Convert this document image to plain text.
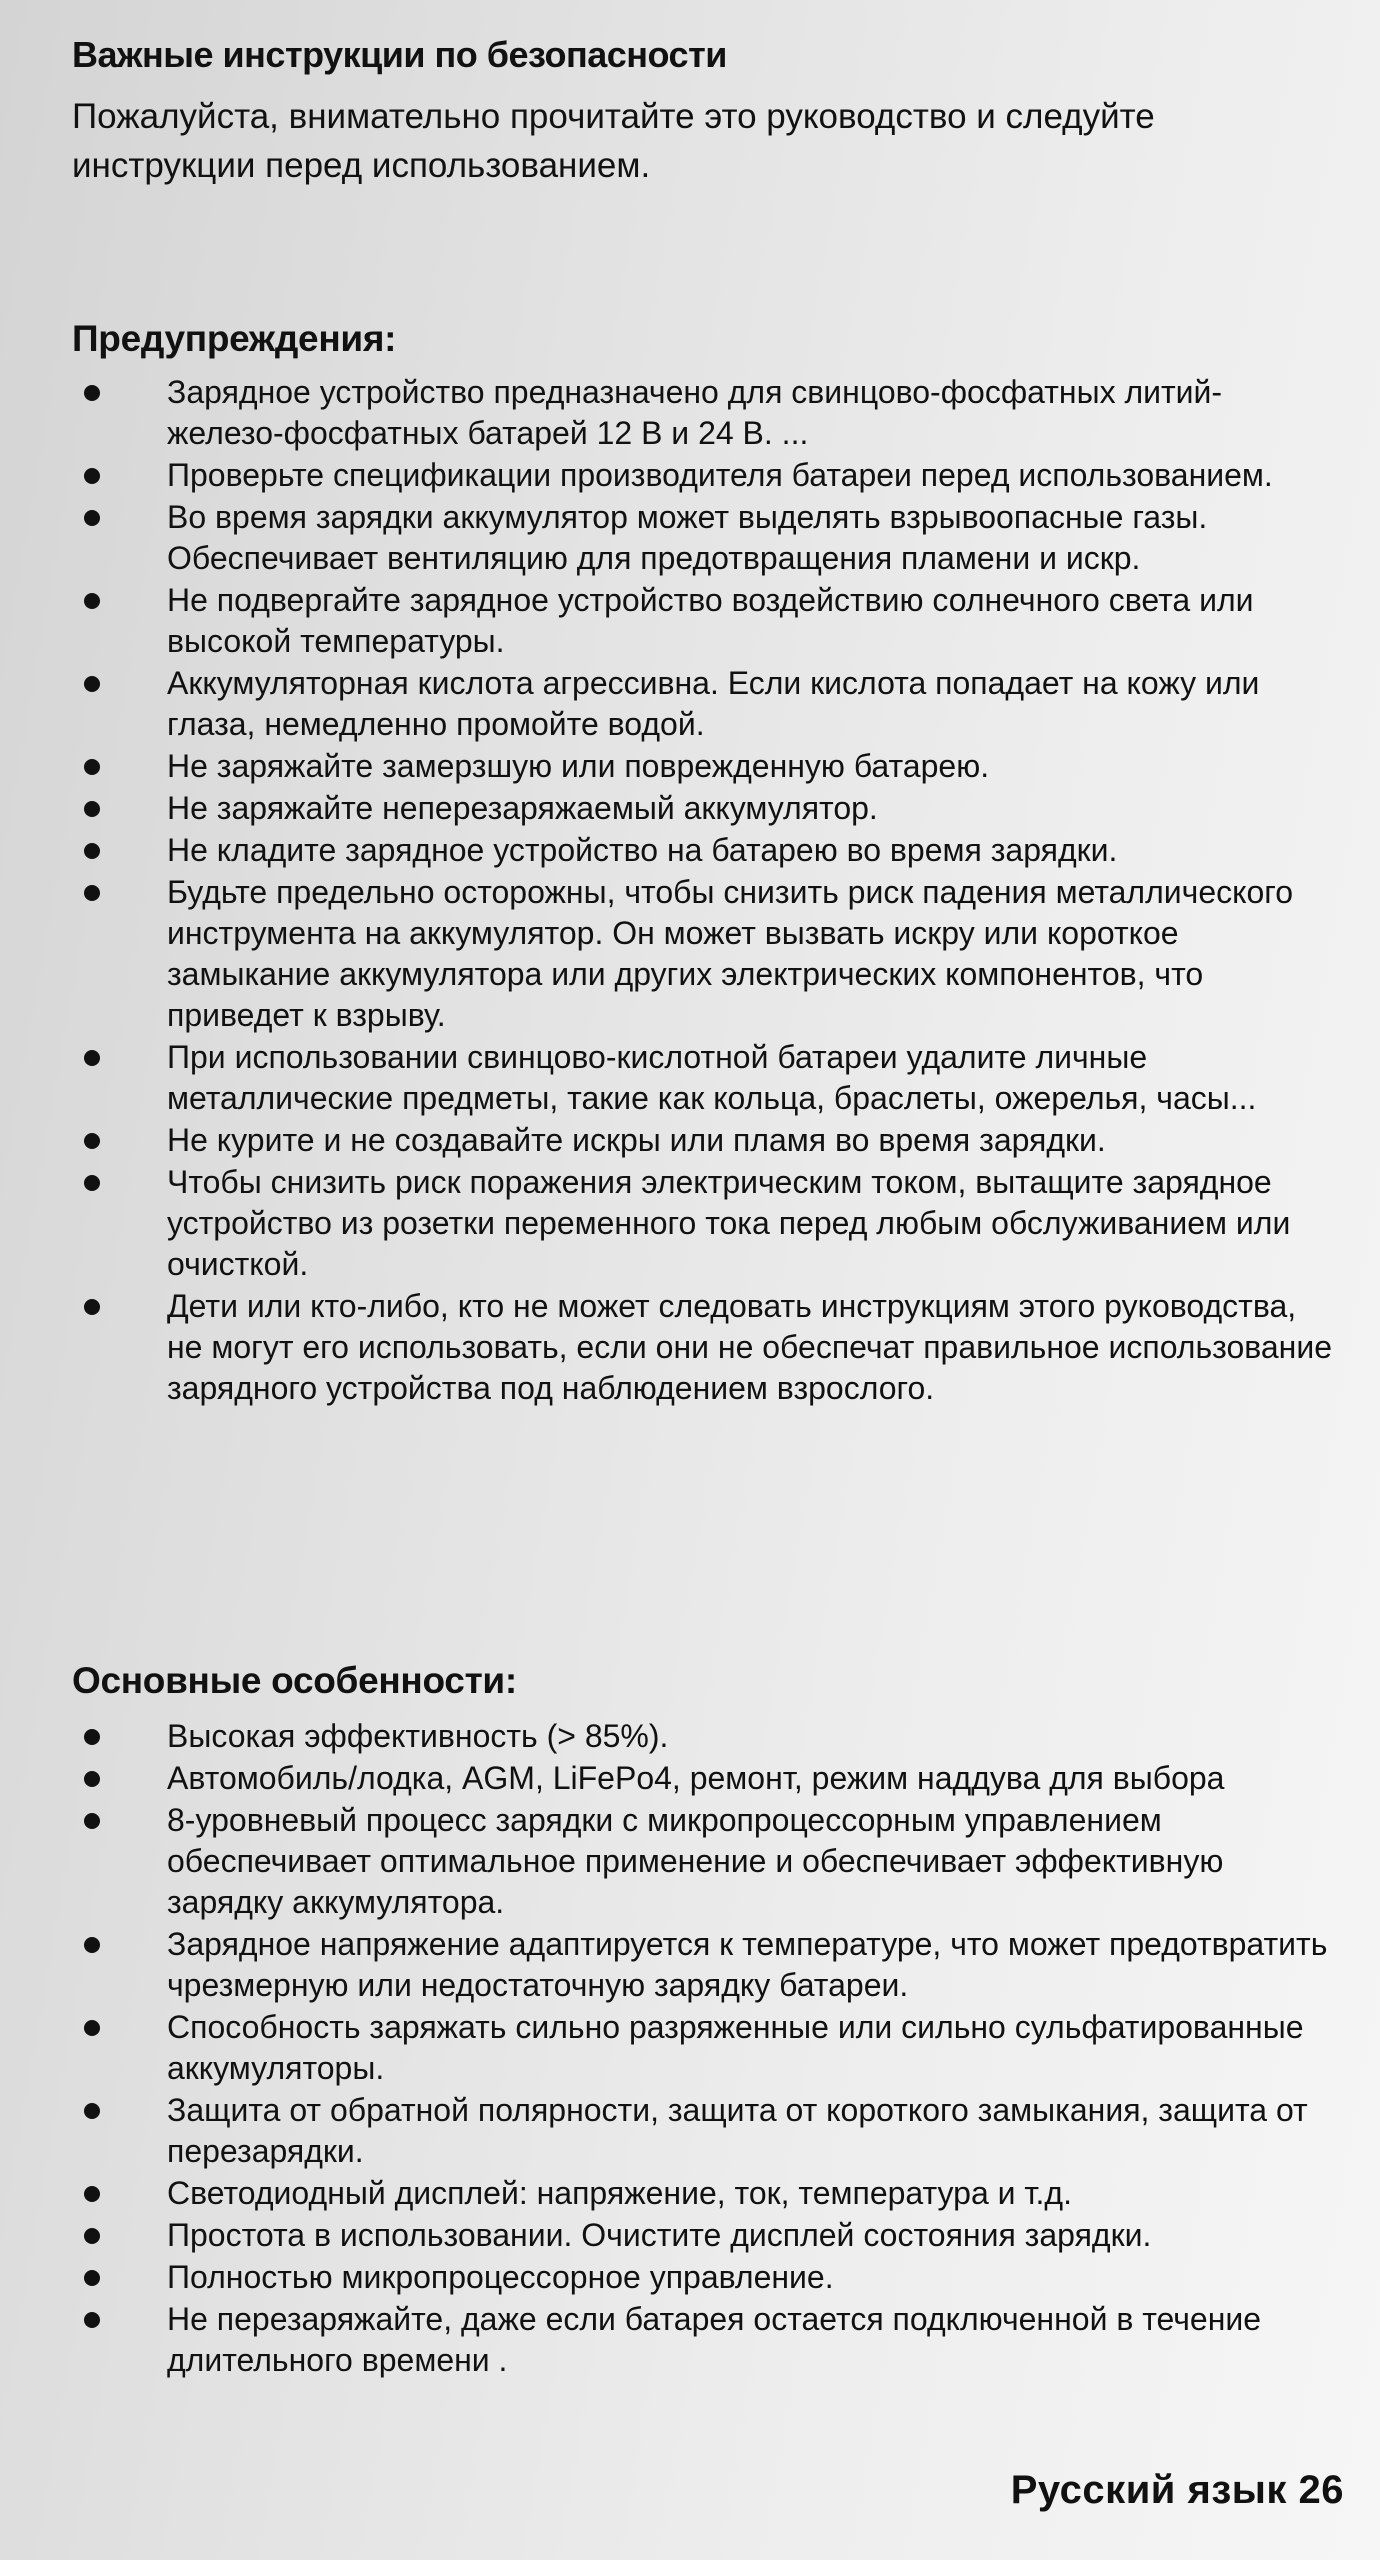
Важные инструкции по безопасности
Пожалуйста, внимательно прочитайте это руководство и следуйте инструкции перед использованием.
Предупреждения:
Зарядное устройство предназначено для свинцово-фосфатных литий-железо-фосфатных батарей 12 В и 24 В. ...
Проверьте спецификации производителя батареи перед использованием.
Во время зарядки аккумулятор может выделять взрывоопасные газы. Обеспечивает вентиляцию для предотвращения пламени и искр.
Не подвергайте зарядное устройство воздействию солнечного света или высокой температуры.
Аккумуляторная кислота агрессивна. Если кислота попадает на кожу или глаза, немедленно промойте водой.
Не заряжайте замерзшую или поврежденную батарею.
Не заряжайте неперезаряжаемый аккумулятор.
Не кладите зарядное устройство на батарею во время зарядки.
Будьте предельно осторожны, чтобы снизить риск падения металлического инструмента на аккумулятор. Он может вызвать искру или короткое замыкание аккумулятора или других электрических компонентов, что приведет к взрыву.
При использовании свинцово-кислотной батареи удалите личные металлические предметы, такие как кольца, браслеты, ожерелья, часы...
Не курите и не создавайте искры или пламя во время зарядки.
Чтобы снизить риск поражения электрическим током, вытащите зарядное устройство из розетки переменного тока перед любым обслуживанием или очисткой.
Дети или кто-либо, кто не может следовать инструкциям этого руководства, не могут его использовать, если они не обеспечат правильное использование зарядного устройства под наблюдением взрослого.
Основные особенности:
Высокая эффективность (> 85%).
Автомобиль/лодка, AGM, LiFePo4, ремонт, режим наддува для выбора
8-уровневый процесс зарядки с микропроцессорным управлением обеспечивает оптимальное применение и обеспечивает эффективную зарядку аккумулятора.
Зарядное напряжение адаптируется к температуре, что может предотвратить чрезмерную или недостаточную зарядку батареи.
Способность заряжать сильно разряженные или сильно сульфатированные аккумуляторы.
Защита от обратной полярности, защита от короткого замыкания, защита от перезарядки.
Светодиодный дисплей: напряжение, ток, температура и т.д.
Простота в использовании. Очистите дисплей состояния зарядки.
Полностью микропроцессорное управление.
Не перезаряжайте, даже если батарея остается подключенной в течение длительного времени .
Русский язык 26
